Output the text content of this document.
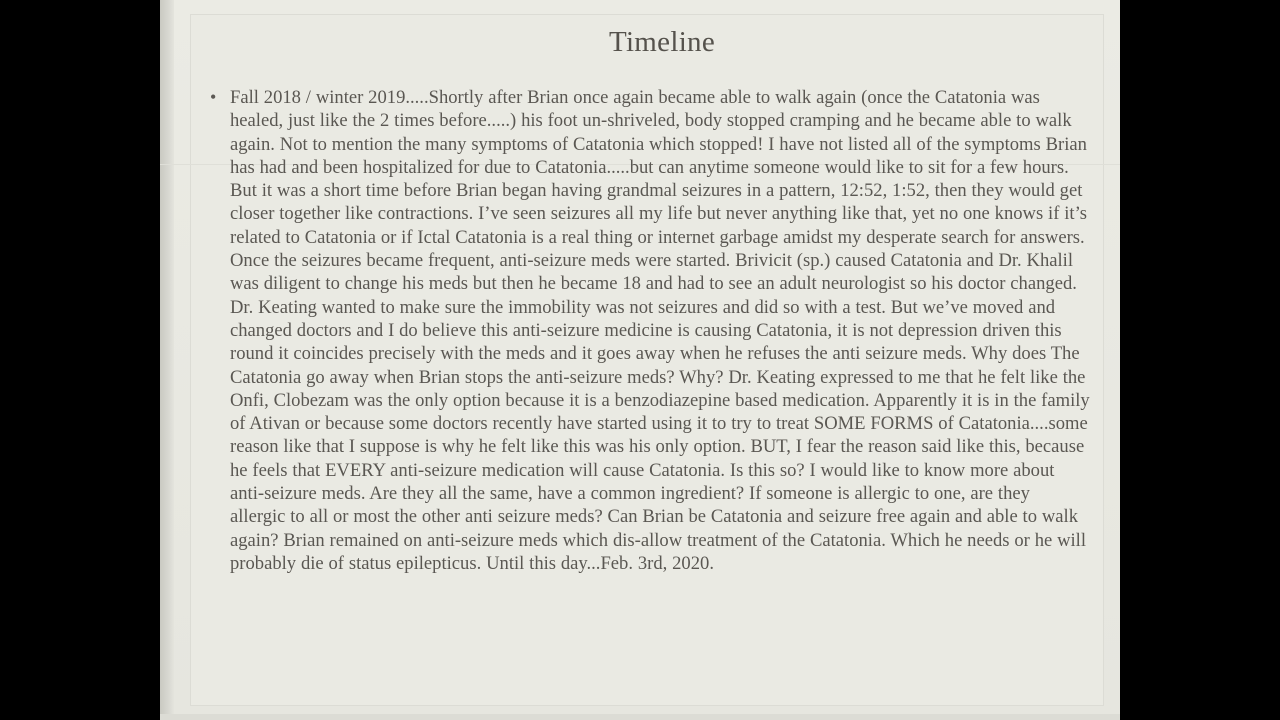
Timeline
• Fall 2018 / winter 2019.....Shortly after Brian once again became able to walk again (once the Catatonia was healed, just like the 2 times before.....) his foot un-shriveled, body stopped cramping and he became able to walk again. Not to mention the many symptoms of Catatonia which stopped! I have not listed all of the symptoms Brian has had and been hospitalized for due to Catatonia.....but can anytime someone would like to sit for a few hours. But it was a short time before Brian began having grandmal seizures in a pattern, 12:52, 1:52, then they would get closer together like contractions. I’ve seen seizures all my life but never anything like that, yet no one knows if it’s related to Catatonia or if Ictal Catatonia is a real thing or internet garbage amidst my desperate search for answers. Once the seizures became frequent, anti-seizure meds were started. Brivicit (sp.) caused Catatonia and Dr. Khalil was diligent to change his meds but then he became 18 and had to see an adult neurologist so his doctor changed. Dr. Keating wanted to make sure the immobility was not seizures and did so with a test. But we’ve moved and changed doctors and I do believe this anti-seizure medicine is causing Catatonia, it is not depression driven this round it coincides precisely with the meds and it goes away when he refuses the anti seizure meds. Why does The Catatonia go away when Brian stops the anti-seizure meds? Why? Dr. Keating expressed to me that he felt like the Onfi, Clobezam was the only option because it is a benzodiazepine based medication. Apparently it is in the family of Ativan or because some doctors recently have started using it to try to treat SOME FORMS of Catatonia....some reason like that I suppose is why he felt like this was his only option. BUT, I fear the reason said like this, because he feels that EVERY anti-seizure medication will cause Catatonia. Is this so? I would like to know more about anti-seizure meds. Are they all the same, have a common ingredient? If someone is allergic to one, are they allergic to all or most the other anti seizure meds? Can Brian be Catatonia and seizure free again and able to walk again? Brian remained on anti-seizure meds which dis-allow treatment of the Catatonia. Which he needs or he will probably die of status epilepticus. Until this day...Feb. 3rd, 2020.
